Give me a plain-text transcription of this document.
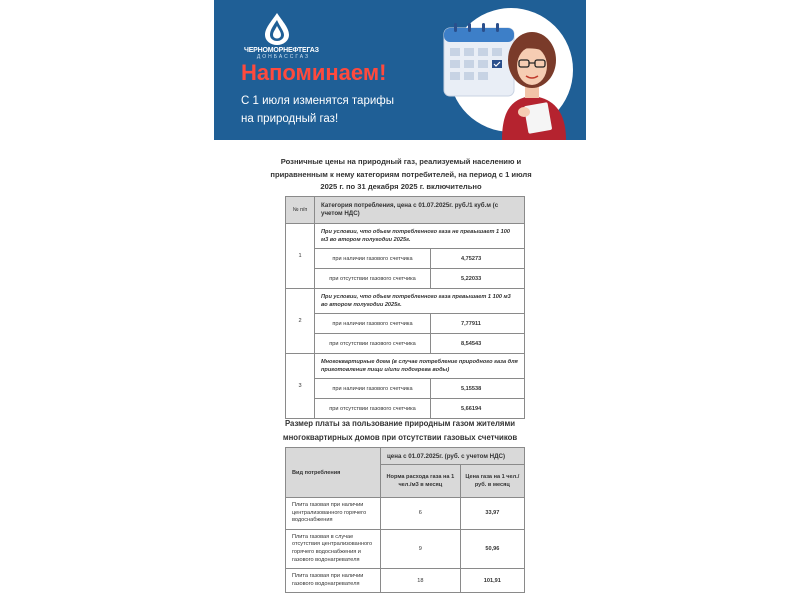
ЧЕРНОМОРНЕФТЕГАЗ
ДОНБАССГАЗ
Напоминаем!
С 1 июля изменятся тарифы
на природный газ!
Розничные цены на природный газ, реализуемый населению и приравненным к нему категориям потребителей, на период с 1 июля 2025 г. по 31 декабря 2025 г. включительно
№ п/п	Категория потребления, цена с 01.07.2025г. руб./1 куб.м (с учетом НДС)	
1	При условии, что объем потребленного газа не превышает 1 100 м3 во втором полугодии 2025г.	
	при наличии газового счетчика	4,75273
	при отсутствии газового счетчика	5,22033
2	При условии, что объем потребленного газа превышает 1 100 м3 во втором полугодии 2025г.	
	при наличии газового счетчика	7,77911
	при отсутствии газового счетчика	8,54543
3	Многоквартирные дома (в случае потребление природного газа для приготовления пищи и/или подогрева воды)	
	при наличии газового счетчика	5,15538
	при отсутствии газового счетчика	5,66194
Размер платы за пользование природным газом жителями многоквартирных домов при отсутствии газовых счетчиков
Вид потребления	цена с 01.07.2025г. (руб. с учетом НДС)	
	Норма расхода газа на 1 чел./м3 в месяц	Цена газа на 1 чел./руб. в месяц
Плита газовая при наличии централизованного горячего водоснабжения	6	33,97
Плита газовая в случае отсутствия централизованного горячего водоснабжения и газового водонагревателя	9	50,96
Плита газовая при наличии газового водонагревателя	18	101,91
